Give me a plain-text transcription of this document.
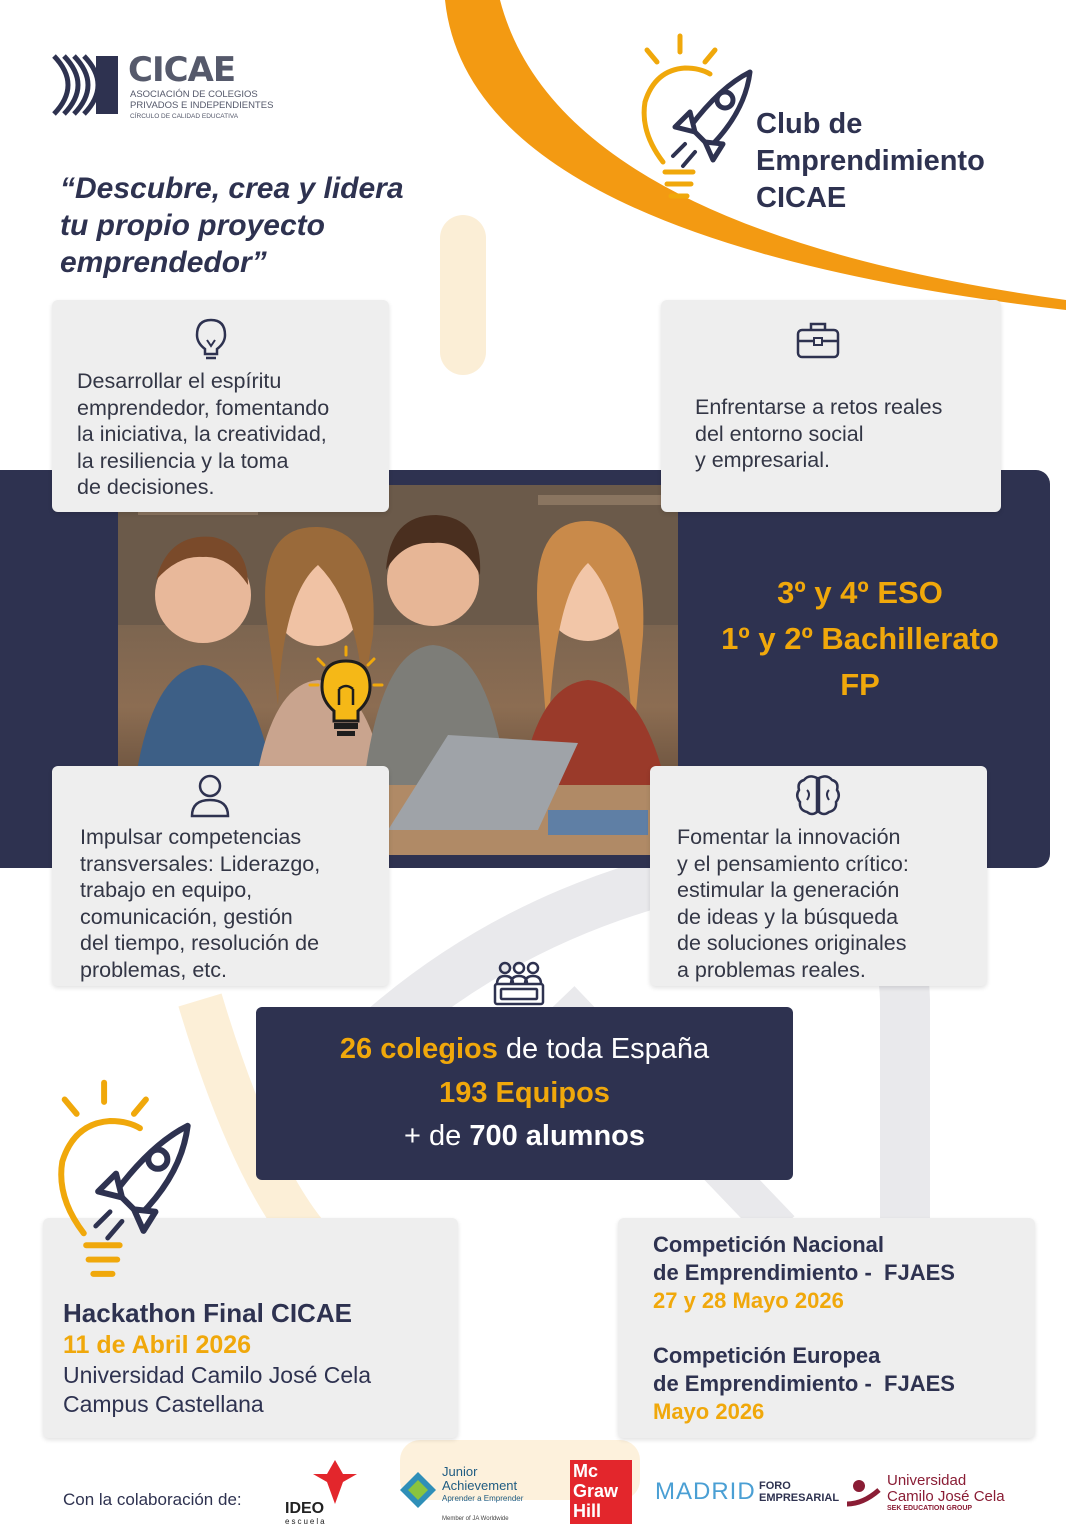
CICAE
ASOCIACIÓN DE COLEGIOS
PRIVADOS E INDEPENDIENTES
CÍRCULO DE CALIDAD EDUCATIVA	Club de
Emprendimiento
CICAE
“Descubre, crea y lidera
tu propio proyecto
emprendedor”
3º y 4º ESO
1º y 2º Bachillerato
FP
Desarrollar el espíritu
emprendedor, fomentando
la iniciativa, la creatividad,
la resiliencia y la toma
de decisiones.
Enfrentarse a retos reales
del entorno social
y empresarial.
Impulsar competencias
transversales: Liderazgo,
trabajo en equipo,
comunicación, gestión
del tiempo, resolución de
problemas, etc.
Fomentar la innovación
y el pensamiento crítico:
estimular la generación
de ideas y la búsqueda
de soluciones originales
a problemas reales.
26 colegios de toda España
193 Equipos
+ de 700 alumnos
Hackathon Final CICAE
11 de Abril 2026
Universidad Camilo José Cela
Campus Castellana
Competición Nacional
de Emprendimiento -  FJAES
27 y 28 Mayo 2026
Competición Europea
de Emprendimiento -  FJAES
Mayo 2026
Con la colaboración de:	IDEO
escuela
Junior
Achievement
Aprender a Emprender
Member of JA Worldwide
Mc
Graw
Hill
MADRID FORO
EMPRESARIAL
Universidad
Camilo José Cela
SEK EDUCATION GROUP
